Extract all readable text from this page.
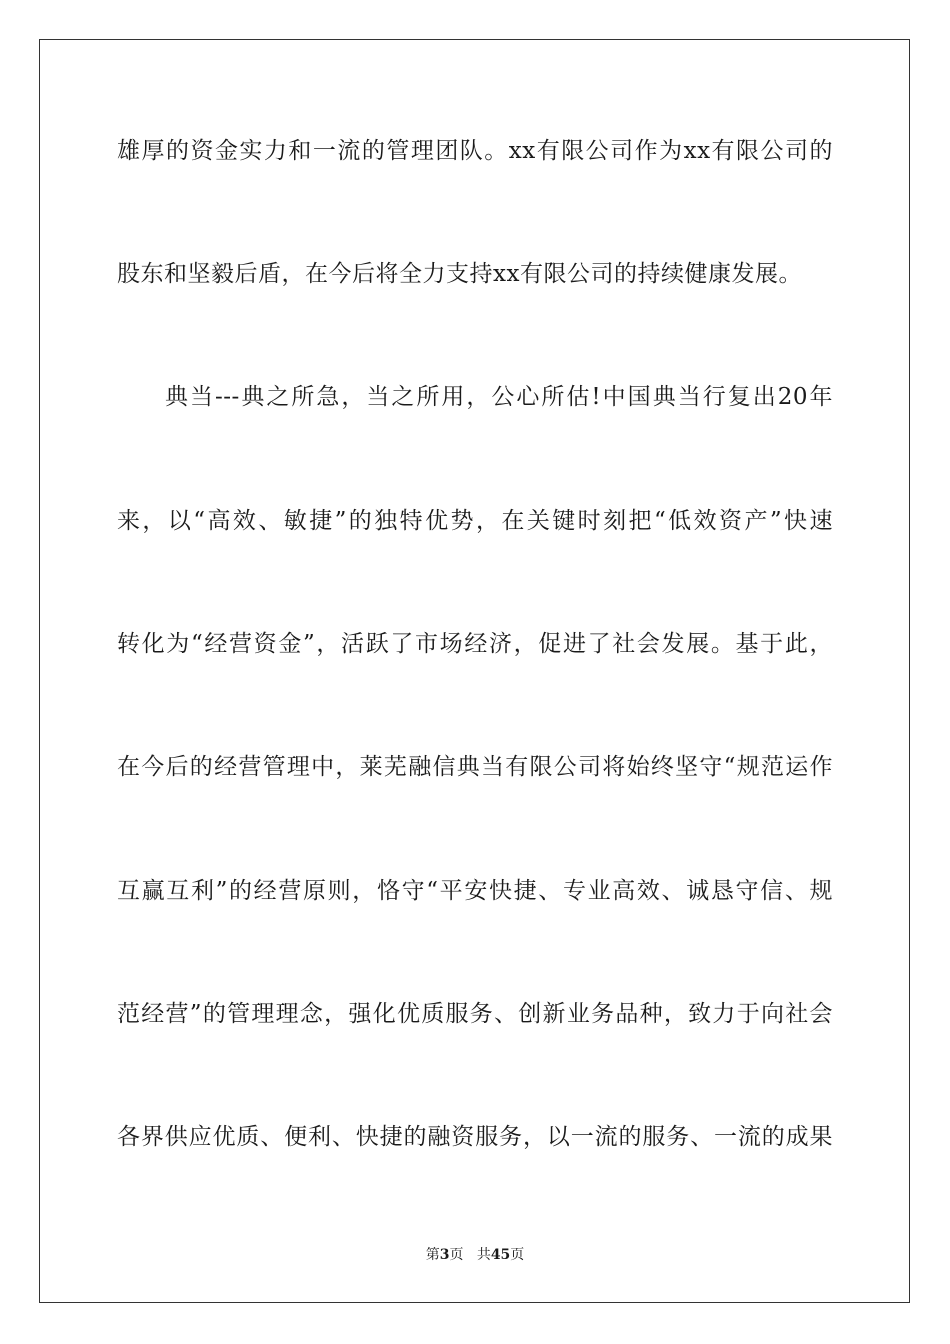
雄厚的资金实力和一流的管理团队。xx有限公司作为xx有限公司的
股东和坚毅后盾，在今后将全力支持xx有限公司的持续健康发展。
典当---典之所急，当之所用，公心所估!中国典当行复出20年
来，以“高效、敏捷”的独特优势，在关键时刻把“低效资产”快速
转化为“经营资金”，活跃了市场经济，促进了社会发展。基于此，
在今后的经营管理中，莱芜融信典当有限公司将始终坚守“规范运作
互赢互利”的经营原则，恪守“平安快捷、专业高效、诚恳守信、规
范经营”的管理理念，强化优质服务、创新业务品种，致力于向社会
各界供应优质、便利、快捷的融资服务，以一流的服务、一流的成果
第3页 共45页
